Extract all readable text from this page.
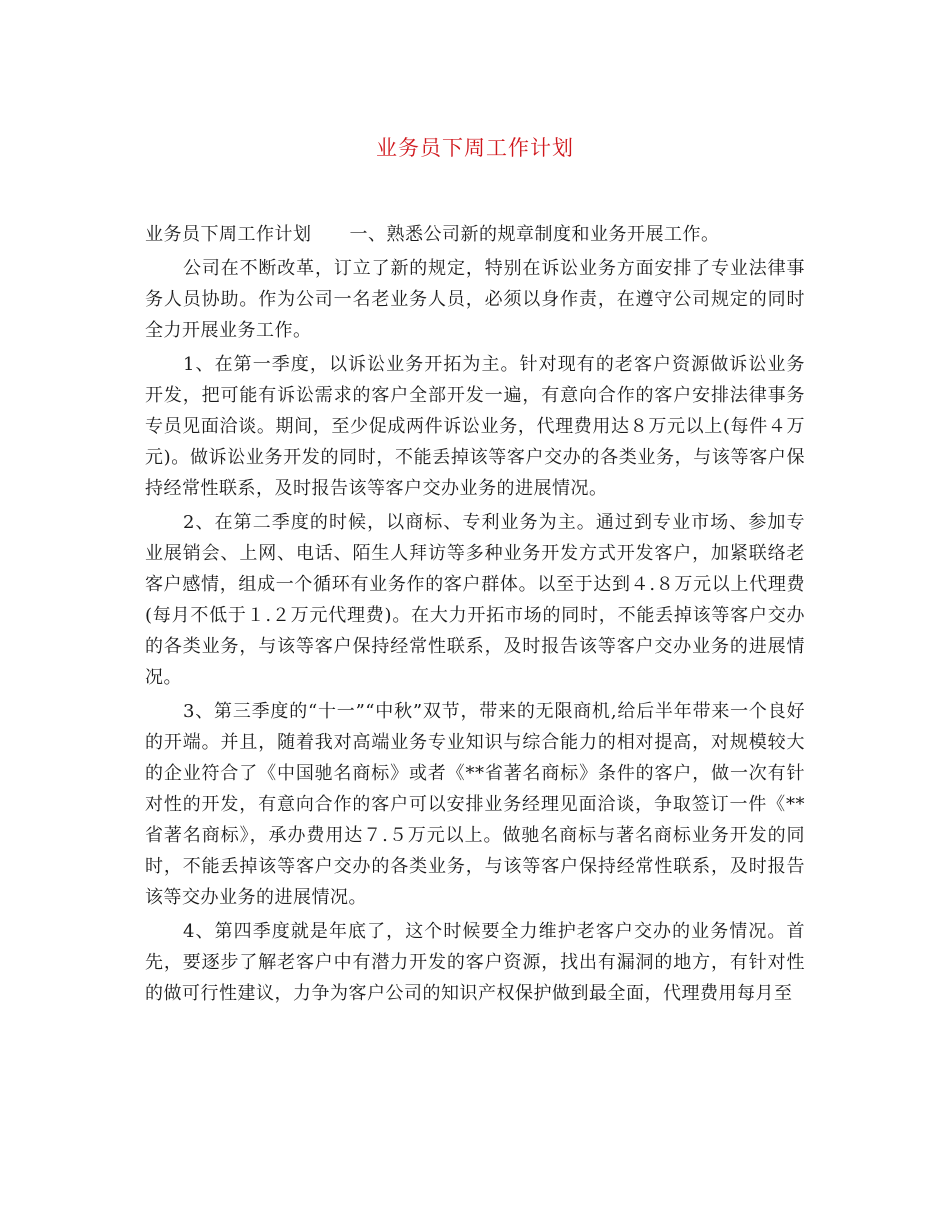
业务员下周工作计划

业务员下周工作计划 一、熟悉公司新的规章制度和业务开展工作。

公司在不断改革，订立了新的规定，特别在诉讼业务方面安排了专业法律事务人员协助。作为公司一名老业务人员，必须以身作责，在遵守公司规定的同时全力开展业务工作。

1、在第一季度，以诉讼业务开拓为主。针对现有的老客户资源做诉讼业务开发，把可能有诉讼需求的客户全部开发一遍，有意向合作的客户安排法律事务专员见面洽谈。期间，至少促成两件诉讼业务，代理费用达８万元以上(每件４万元)。做诉讼业务开发的同时，不能丢掉该等客户交办的各类业务，与该等客户保持经常性联系，及时报告该等客户交办业务的进展情况。

2、在第二季度的时候，以商标、专利业务为主。通过到专业市场、参加专业展销会、上网、电话、陌生人拜访等多种业务开发方式开发客户，加紧联络老客户感情，组成一个循环有业务作的客户群体。以至于达到４.８万元以上代理费(每月不低于１.２万元代理费)。在大力开拓市场的同时，不能丢掉该等客户交办的各类业务，与该等客户保持经常性联系，及时报告该等客户交办业务的进展情况。

3、第三季度的“十一”“中秋”双节，带来的无限商机,给后半年带来一个良好的开端。并且，随着我对高端业务专业知识与综合能力的相对提高，对规模较大的企业符合了《中国驰名商标》或者《**省著名商标》条件的客户，做一次有针对性的开发，有意向合作的客户可以安排业务经理见面洽谈，争取签订一件《**省著名商标》，承办费用达７.５万元以上。做驰名商标与著名商标业务开发的同时，不能丢掉该等客户交办的各类业务，与该等客户保持经常性联系，及时报告该等交办业务的进展情况。

4、第四季度就是年底了，这个时候要全力维护老客户交办的业务情况。首先，要逐步了解老客户中有潜力开发的客户资源，找出有漏洞的地方，有针对性的做可行性建议，力争为客户公司的知识产权保护做到最全面，代理费用每月至
